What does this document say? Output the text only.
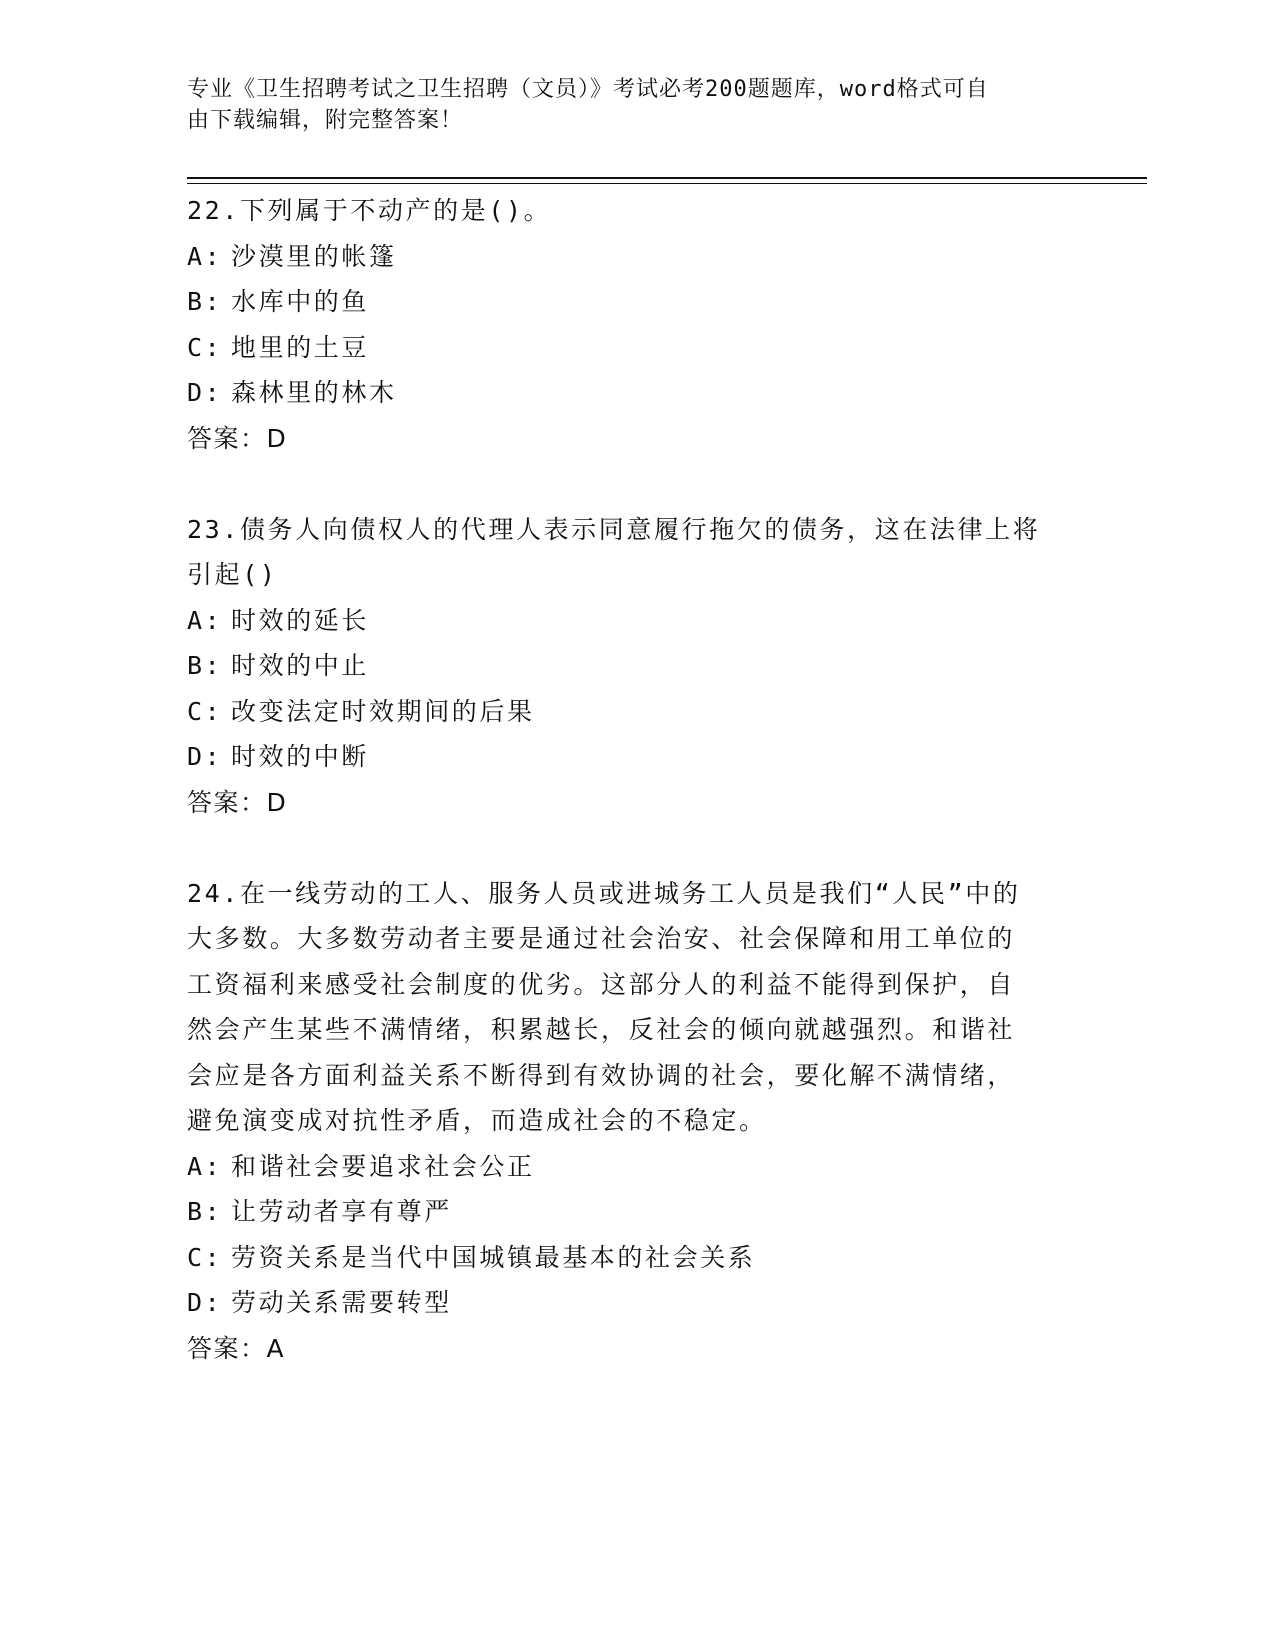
专业《卫生招聘考试之卫生招聘（文员）》考试必考200题题库，word格式可自
由下载编辑，附完整答案！

22.下列属于不动产的是()。

A: 沙漠里的帐篷

B: 水库中的鱼

C: 地里的土豆

D: 森林里的林木

答案：D

23.债务人向债权人的代理人表示同意履行拖欠的债务，这在法律上将

引起()

A: 时效的延长

B: 时效的中止

C: 改变法定时效期间的后果

D: 时效的中断

答案：D

24.在一线劳动的工人、服务人员或进城务工人员是我们“人民”中的

大多数。大多数劳动者主要是通过社会治安、社会保障和用工单位的

工资福利来感受社会制度的优劣。这部分人的利益不能得到保护，自

然会产生某些不满情绪，积累越长，反社会的倾向就越强烈。和谐社

会应是各方面利益关系不断得到有效协调的社会，要化解不满情绪，

避免演变成对抗性矛盾，而造成社会的不稳定。

A: 和谐社会要追求社会公正

B: 让劳动者享有尊严

C: 劳资关系是当代中国城镇最基本的社会关系

D: 劳动关系需要转型

答案：A
